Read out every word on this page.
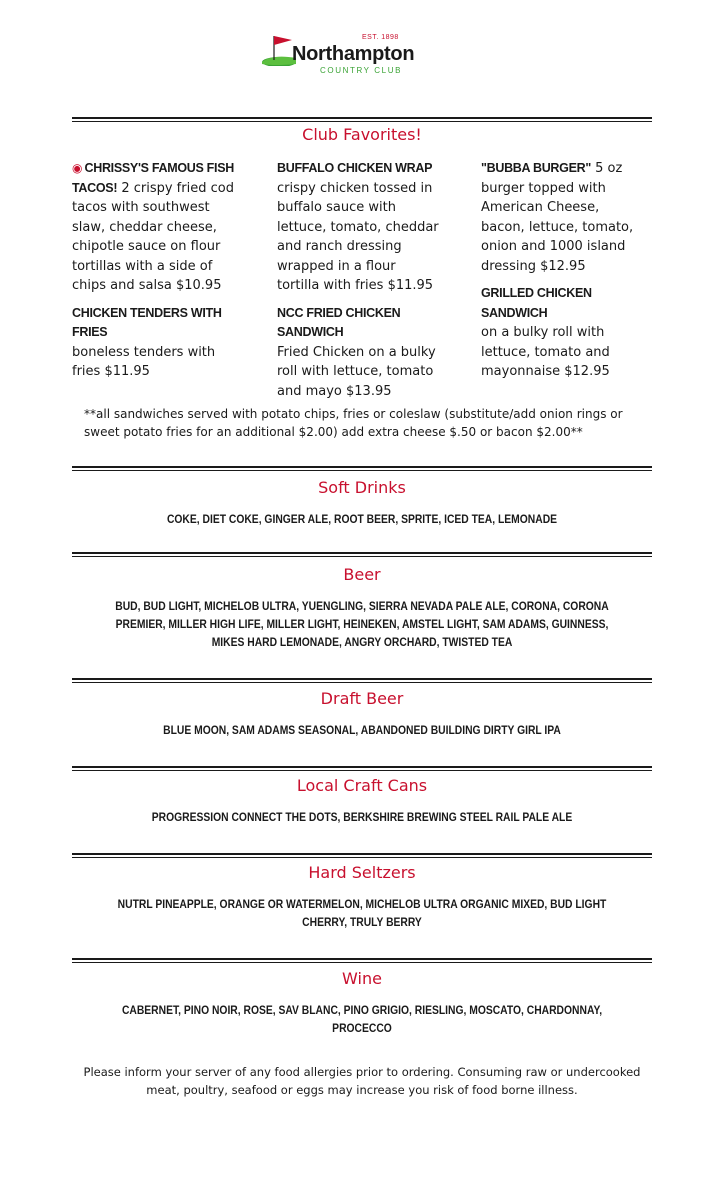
EST. 1898
Northampton
COUNTRY CLUB
Club Favorites!

◉ CHRISSY'S FAMOUS FISH TACOS! 2 crispy fried cod tacos with southwest slaw, cheddar cheese, chipotle sauce on flour tortillas with a side of chips and salsa $10.95

CHICKEN TENDERS WITH FRIES
boneless tenders with fries $11.95

BUFFALO CHICKEN WRAP
crispy chicken tossed in buffalo sauce with lettuce, tomato, cheddar and ranch dressing wrapped in a flour tortilla with fries $11.95

NCC FRIED CHICKEN SANDWICH
Fried Chicken on a bulky roll with lettuce, tomato and mayo $13.95

"BUBBA BURGER" 5 oz burger topped with American Cheese, bacon, lettuce, tomato, onion and 1000 island dressing $12.95

GRILLED CHICKEN SANDWICH
on a bulky roll with lettuce, tomato and mayonnaise $12.95

**all sandwiches served with potato chips, fries or coleslaw (substitute/add onion rings or sweet potato fries for an additional $2.00) add extra cheese $.50 or bacon $2.00**
Soft Drinks
COKE, DIET COKE, GINGER ALE, ROOT BEER, SPRITE, ICED TEA, LEMONADE
Beer
BUD, BUD LIGHT, MICHELOB ULTRA, YUENGLING, SIERRA NEVADA PALE ALE, CORONA, CORONA PREMIER, MILLER HIGH LIFE, MILLER LIGHT, HEINEKEN, AMSTEL LIGHT, SAM ADAMS, GUINNESS, MIKES HARD LEMONADE, ANGRY ORCHARD, TWISTED TEA
Draft Beer
BLUE MOON, SAM ADAMS SEASONAL, ABANDONED BUILDING DIRTY GIRL IPA
Local Craft Cans
PROGRESSION CONNECT THE DOTS, BERKSHIRE BREWING STEEL RAIL PALE ALE
Hard Seltzers
NUTRL PINEAPPLE, ORANGE OR WATERMELON, MICHELOB ULTRA ORGANIC MIXED, BUD LIGHT CHERRY, TRULY BERRY
Wine
CABERNET, PINO NOIR, ROSE, SAV BLANC, PINO GRIGIO, RIESLING, MOSCATO, CHARDONNAY, PROCECCO
Please inform your server of any food allergies prior to ordering. Consuming raw or undercooked meat, poultry, seafood or eggs may increase you risk of food borne illness.
